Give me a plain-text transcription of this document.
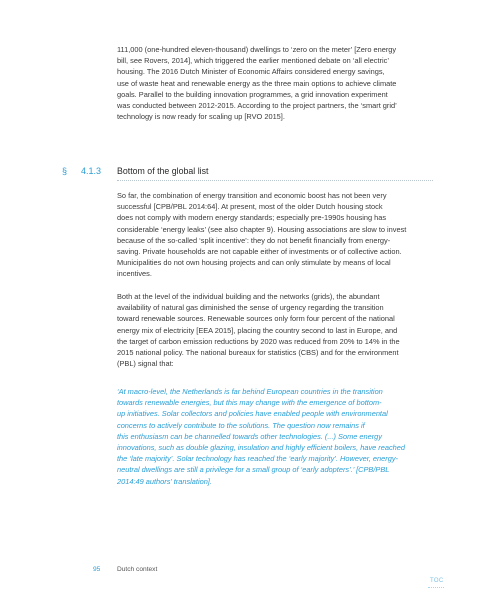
111,000 (one-hundred eleven-thousand) dwellings to ‘zero on the meter’ [Zero energy
bill, see Rovers, 2014], which triggered the earlier mentioned debate on ‘all electric’
housing. The 2016 Dutch Minister of Economic Affairs considered energy savings,
use of waste heat and renewable energy as the three main options to achieve climate
goals. Parallel to the building innovation programmes, a grid innovation experiment
was conducted between 2012-2015. According to the project partners, the ‘smart grid’
technology is now ready for scaling up [RVO 2015].

§ 4.1.3 Bottom of the global list

So far, the combination of energy transition and economic boost has not been very
successful [CPB/PBL 2014:64]. At present, most of the older Dutch housing stock
does not comply with modern energy standards; especially pre-1990s housing has
considerable ‘energy leaks’ (see also chapter 9). Housing associations are slow to invest
because of the so-called ‘split incentive’: they do not benefit financially from energy-
saving. Private households are not capable either of investments or of collective action.
Municipalities do not own housing projects and can only stimulate by means of local
incentives.

Both at the level of the individual building and the networks (grids), the abundant
availability of natural gas diminished the sense of urgency regarding the transition
toward renewable sources. Renewable sources only form four percent of the national
energy mix of electricity [EEA 2015], placing the country second to last in Europe, and
the target of carbon emission reductions by 2020 was reduced from 20% to 14% in the
2015 national policy. The national bureaux for statistics (CBS) and for the environment
(PBL) signal that:

‘At macro-level, the Netherlands is far behind European countries in the transition
towards renewable energies, but this may change with the emergence of bottom-
up initiatives. Solar collectors and policies have enabled people with environmental
concerns to actively contribute to the solutions. The question now remains if
this enthusiasm can be channelled towards other technologies. (...) Some energy
innovations, such as double glazing, insulation and highly efficient boilers, have reached
the ‘late majority’. Solar technology has reached the ‘early majority’. However, energy-
neutral dwellings are still a privilege for a small group of ‘early adopters’.’ [CPB/PBL
2014:49 authors’ translation].

95	Dutch context
TOC
